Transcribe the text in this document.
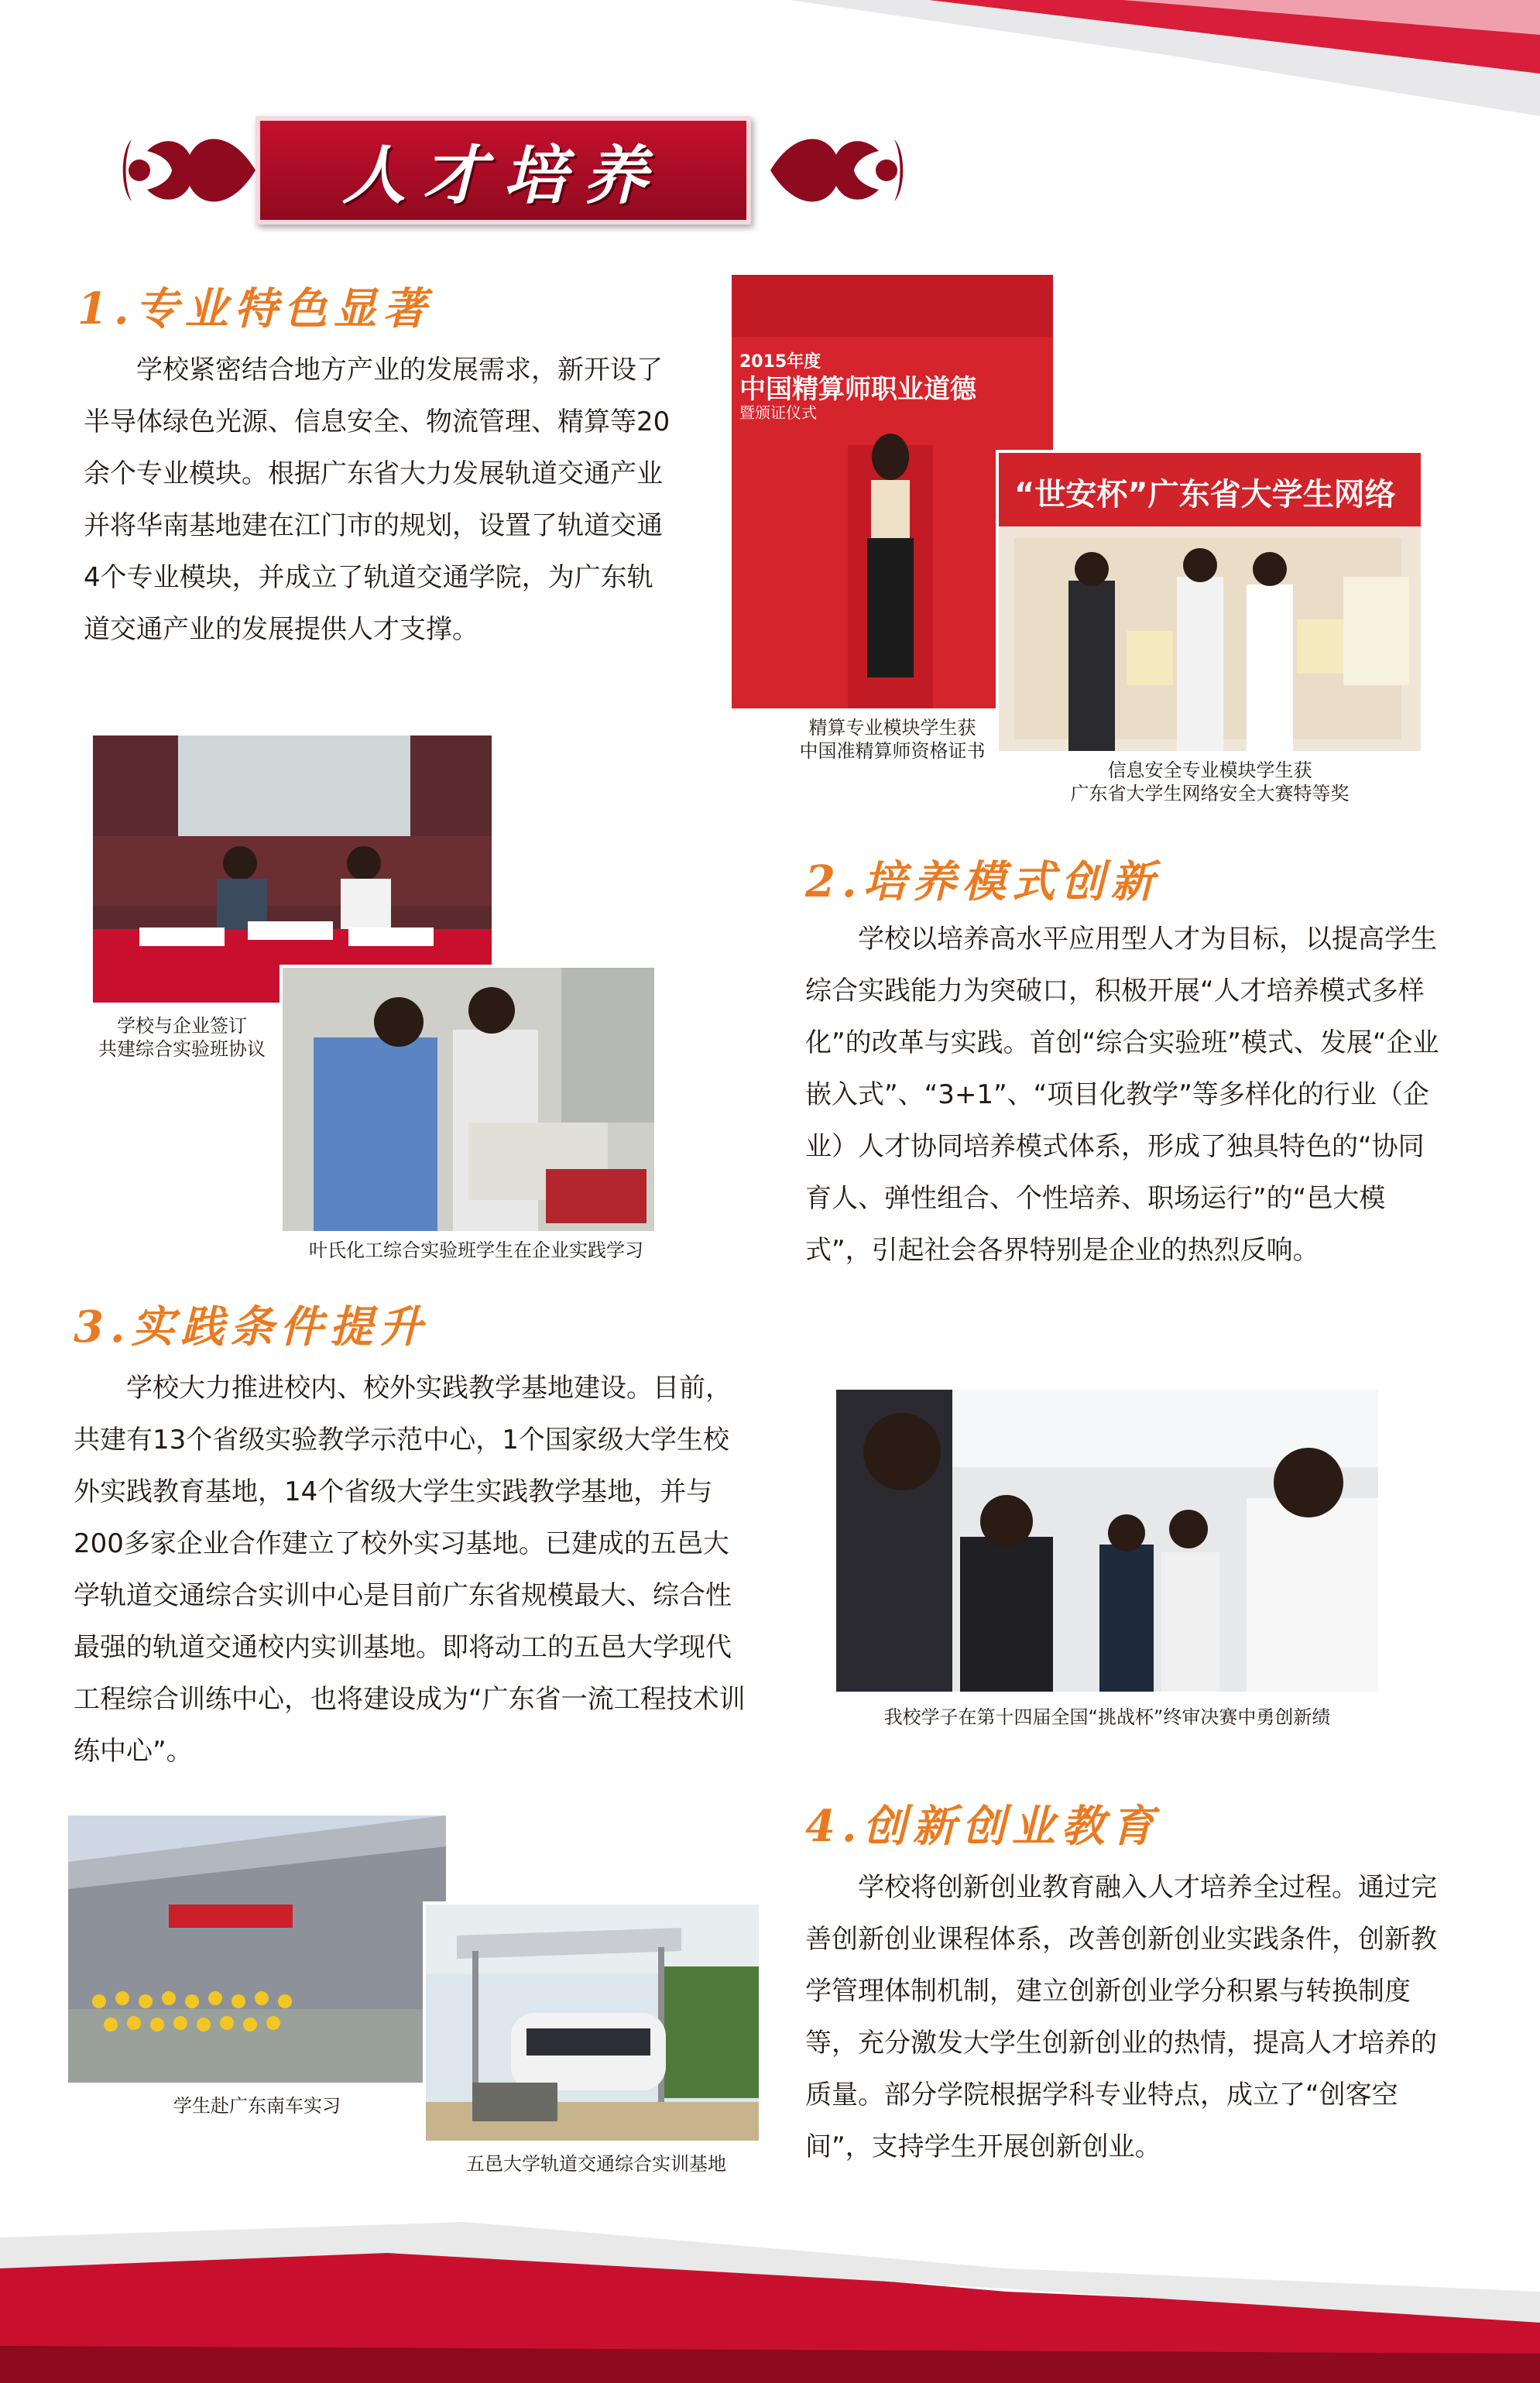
人才培养
1.专业特色显著

学校紧密结合地方产业的发展需求，新开设了半导体绿色光源、信息安全、物流管理、精算等20余个专业模块。根据广东省大力发展轨道交通产业并将华南基地建在江门市的规划，设置了轨道交通4个专业模块，并成立了轨道交通学院，为广东轨道交通产业的发展提供人才支撑。

2015年度
中国精算师职业道德
暨颁证仪式
精算专业模块学生获
中国准精算师资格证书
“世安杯”广东省大学生网络
信息安全专业模块学生获
广东省大学生网络安全大赛特等奖
学校与企业签订
共建综合实验班协议
叶氏化工综合实验班学生在企业实践学习
2.培养模式创新

学校以培养高水平应用型人才为目标，以提高学生综合实践能力为突破口，积极开展“人才培养模式多样化”的改革与实践。首创“综合实验班”模式、发展“企业嵌入式”、“3+1”、“项目化教学”等多样化的行业（企业）人才协同培养模式体系，形成了独具特色的“协同育人、弹性组合、个性培养、职场运行”的“邑大模式”，引起社会各界特别是企业的热烈反响。

3.实践条件提升

学校大力推进校内、校外实践教学基地建设。目前，共建有13个省级实验教学示范中心，1个国家级大学生校外实践教育基地，14个省级大学生实践教学基地，并与200多家企业合作建立了校外实习基地。已建成的五邑大学轨道交通综合实训中心是目前广东省规模最大、综合性最强的轨道交通校内实训基地。即将动工的五邑大学现代工程综合训练中心，也将建设成为“广东省一流工程技术训练中心”。

我校学子在第十四届全国“挑战杯”终审决赛中勇创新绩
4.创新创业教育

学校将创新创业教育融入人才培养全过程。通过完善创新创业课程体系，改善创新创业实践条件，创新教学管理体制机制，建立创新创业学分积累与转换制度等，充分激发大学生创新创业的热情，提高人才培养的质量。部分学院根据学科专业特点，成立了“创客空间”，支持学生开展创新创业。

学生赴广东南车实习
五邑大学轨道交通综合实训基地
